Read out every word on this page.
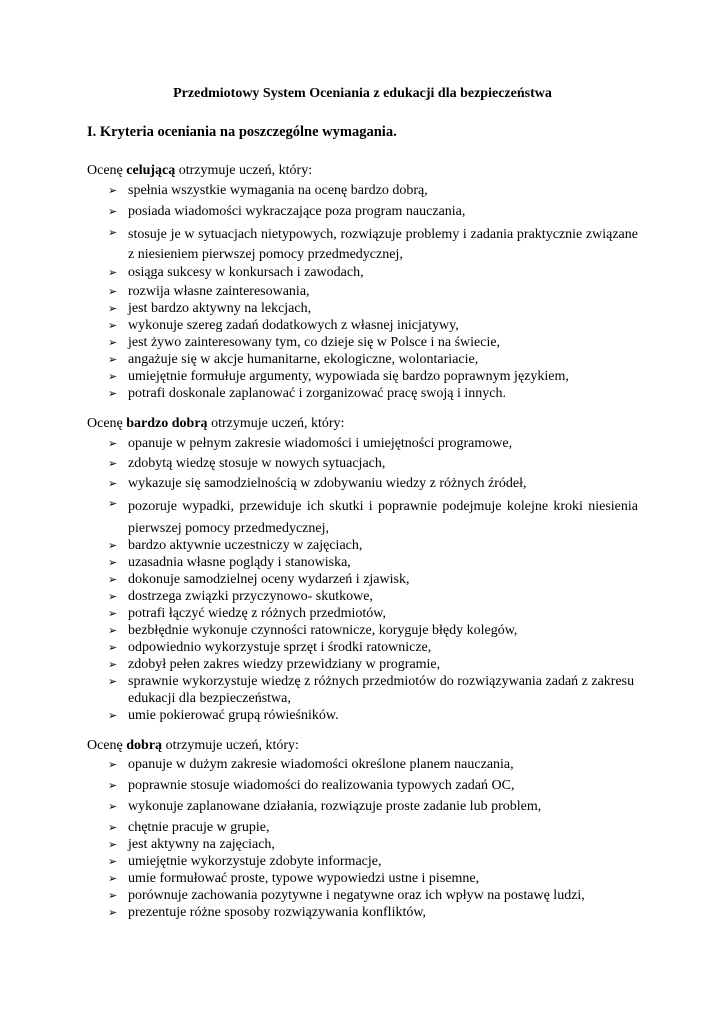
Przedmiotowy System Oceniania z edukacji dla bezpieczeństwa
I. Kryteria oceniania na poszczególne wymagania.
Ocenę celującą otrzymuje uczeń, który:
➢ spełnia wszystkie wymagania na ocenę bardzo dobrą,
➢ posiada wiadomości wykraczające poza program nauczania,
➢ stosuje je w sytuacjach nietypowych, rozwiązuje problemy i zadania praktycznie związane z niesieniem pierwszej pomocy przedmedycznej,
➢ osiąga sukcesy w konkursach i zawodach,
➢ rozwija własne zainteresowania,
➢ jest bardzo aktywny na lekcjach,
➢ wykonuje szereg zadań dodatkowych z własnej inicjatywy,
➢ jest żywo zainteresowany tym, co dzieje się w Polsce i na świecie,
➢ angażuje się w akcje humanitarne, ekologiczne, wolontariacie,
➢ umiejętnie formułuje argumenty, wypowiada się bardzo poprawnym językiem,
➢ potrafi doskonale zaplanować i zorganizować pracę swoją i innych.
Ocenę bardzo dobrą otrzymuje uczeń, który:
➢ opanuje w pełnym zakresie wiadomości i umiejętności programowe,
➢ zdobytą wiedzę stosuje w nowych sytuacjach,
➢ wykazuje się samodzielnością w zdobywaniu wiedzy z różnych źródeł,
➢ pozoruje wypadki, przewiduje ich skutki i poprawnie podejmuje kolejne kroki niesienia pierwszej pomocy przedmedycznej,
➢ bardzo aktywnie uczestniczy w zajęciach,
➢ uzasadnia własne poglądy i stanowiska,
➢ dokonuje samodzielnej oceny wydarzeń i zjawisk,
➢ dostrzega związki przyczynowo- skutkowe,
➢ potrafi łączyć wiedzę z różnych przedmiotów,
➢ bezbłędnie wykonuje czynności ratownicze, koryguje błędy kolegów,
➢ odpowiednio wykorzystuje sprzęt i środki ratownicze,
➢ zdobył pełen zakres wiedzy przewidziany w programie,
➢ sprawnie wykorzystuje wiedzę z różnych przedmiotów do rozwiązywania zadań z zakresu edukacji dla bezpieczeństwa,
➢ umie pokierować grupą rówieśników.
Ocenę dobrą otrzymuje uczeń, który:
➢ opanuje w dużym zakresie wiadomości określone planem nauczania,
➢ poprawnie stosuje wiadomości do realizowania typowych zadań OC,
➢ wykonuje zaplanowane działania, rozwiązuje proste zadanie lub problem,
➢ chętnie pracuje w grupie,
➢ jest aktywny na zajęciach,
➢ umiejętnie wykorzystuje zdobyte informacje,
➢ umie formułować proste, typowe wypowiedzi ustne i pisemne,
➢ porównuje zachowania pozytywne i negatywne oraz ich wpływ na postawę ludzi,
➢ prezentuje różne sposoby rozwiązywania konfliktów,
